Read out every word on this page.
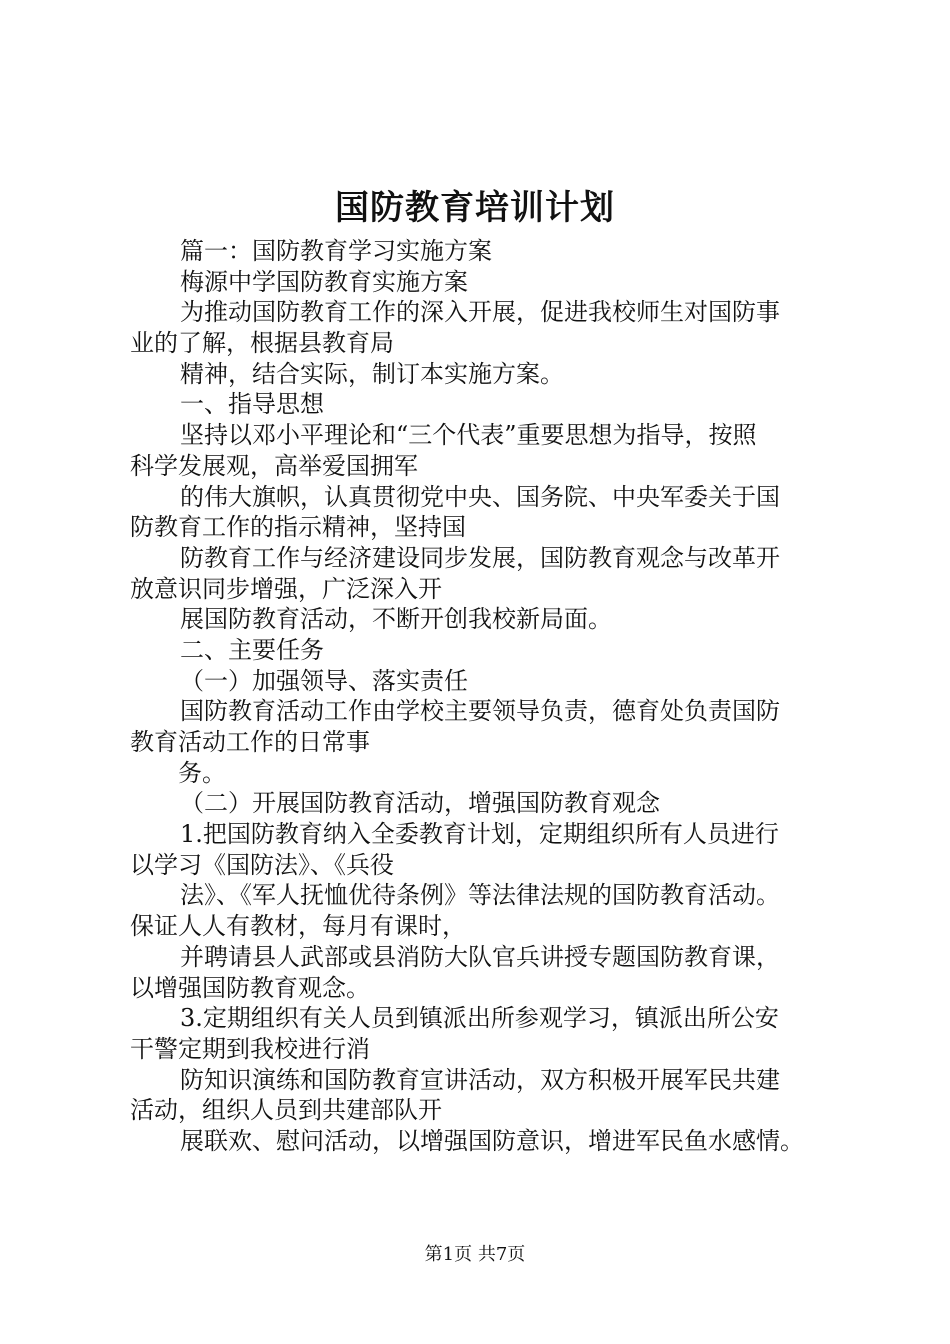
国防教育培训计划
篇一：国防教育学习实施方案
梅源中学国防教育实施方案
为推动国防教育工作的深入开展，促进我校师生对国防事
业的了解，根据县教育局
精神，结合实际，制订本实施方案。
一、指导思想
坚持以邓小平理论和“三个代表”重要思想为指导，按照
科学发展观，高举爱国拥军
的伟大旗帜，认真贯彻党中央、国务院、中央军委关于国
防教育工作的指示精神，坚持国
防教育工作与经济建设同步发展，国防教育观念与改革开
放意识同步增强，广泛深入开
展国防教育活动，不断开创我校新局面。
二、主要任务
（一）加强领导、落实责任
国防教育活动工作由学校主要领导负责，德育处负责国防
教育活动工作的日常事
务。
（二）开展国防教育活动，增强国防教育观念
1.把国防教育纳入全委教育计划，定期组织所有人员进行
以学习《国防法》、《兵役
法》、《军人抚恤优待条例》等法律法规的国防教育活动。
保证人人有教材，每月有课时，
并聘请县人武部或县消防大队官兵讲授专题国防教育课，
以增强国防教育观念。
3.定期组织有关人员到镇派出所参观学习，镇派出所公安
干警定期到我校进行消
防知识演练和国防教育宣讲活动，双方积极开展军民共建
活动，组织人员到共建部队开
展联欢、慰问活动，以增强国防意识，增进军民鱼水感情。
第1页 共7页
